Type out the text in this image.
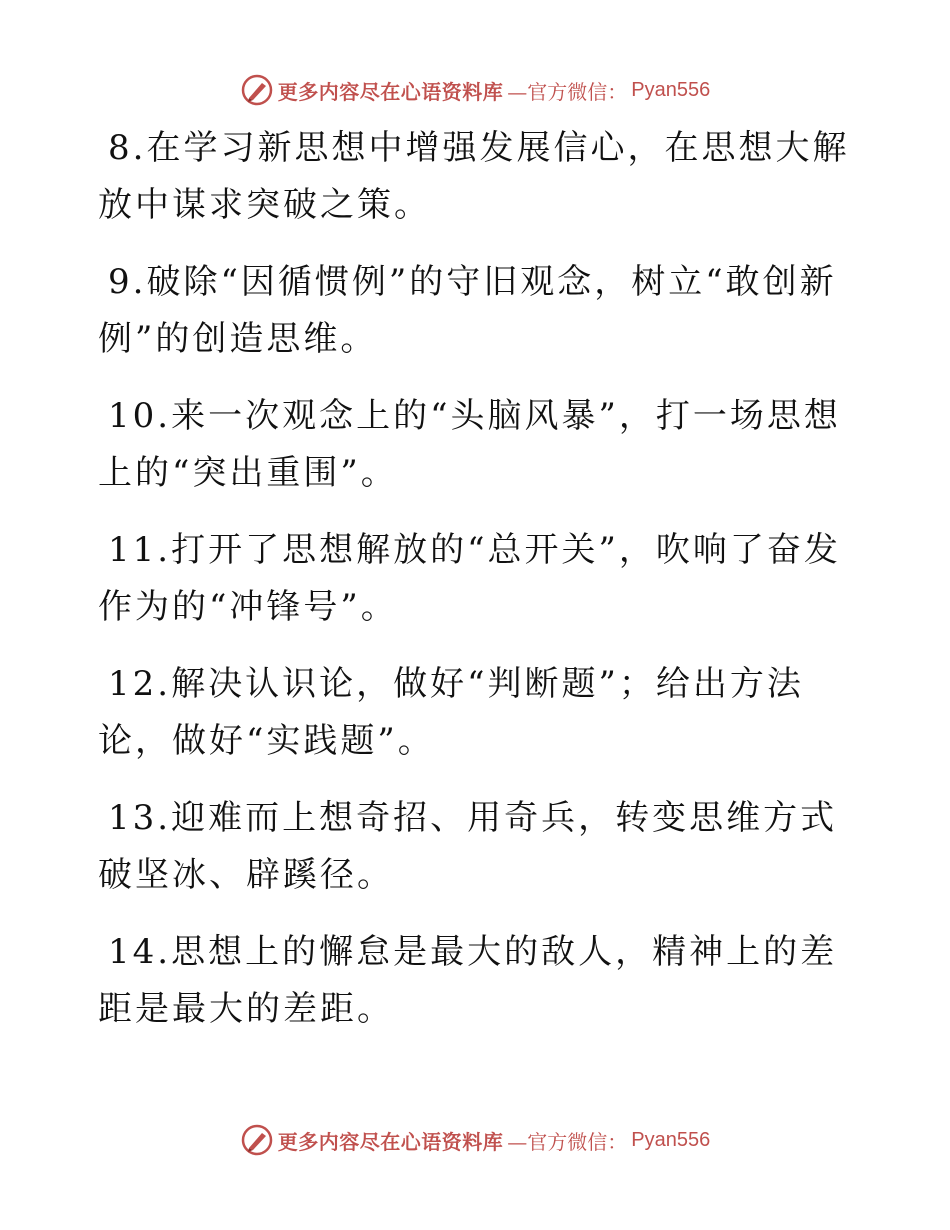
更多内容尽在心语资料库 —官方微信： Pyan556

8.在学习新思想中增强发展信心，在思想大解放中谋求突破之策。

9.破除“因循惯例”的守旧观念，树立“敢创新例”的创造思维。

10.来一次观念上的“头脑风暴”，打一场思想上的“突出重围”。

11.打开了思想解放的“总开关”，吹响了奋发作为的“冲锋号”。

12.解决认识论，做好“判断题”；给出方法论，做好“实践题”。

13.迎难而上想奇招、用奇兵，转变思维方式破坚冰、辟蹊径。

14.思想上的懈怠是最大的敌人，精神上的差距是最大的差距。

更多内容尽在心语资料库 —官方微信： Pyan556
